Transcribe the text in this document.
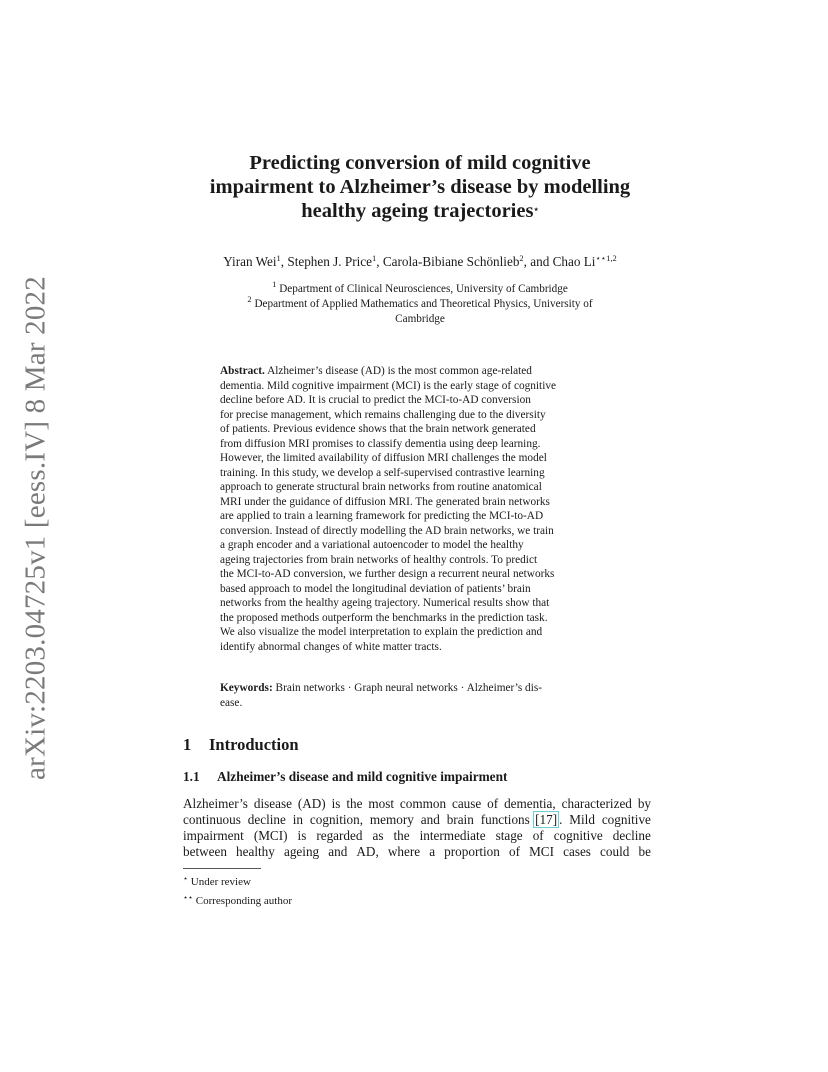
arXiv:2203.04725v1 [eess.IV] 8 Mar 2022
Predicting conversion of mild cognitive
impairment to Alzheimer’s disease by modelling
healthy ageing trajectories⋆
Yiran Wei$^1$, Stephen J. Price$^1$, Carola-Bibiane Schönlieb$^2$, and Chao $Li^{⋆⋆1,2}$
$^1$ Department of Clinical Neurosciences, University of Cambridge
$^2$ Department of Applied Mathematics and Theoretical Physics, University of
Cambridge
Abstract. Alzheimer’s disease (AD) is the most common age-related
dementia. Mild cognitive impairment (MCI) is the early stage of cognitive
decline before AD. It is crucial to predict the MCI-to-AD conversion
for precise management, which remains challenging due to the diversity
of patients. Previous evidence shows that the brain network generated
from diffusion MRI promises to classify dementia using deep learning.
However, the limited availability of diffusion MRI challenges the model
training. In this study, we develop a self-supervised contrastive learning
approach to generate structural brain networks from routine anatomical
MRI under the guidance of diffusion MRI. The generated brain networks
are applied to train a learning framework for predicting the MCI-to-AD
conversion. Instead of directly modelling the AD brain networks, we train
a graph encoder and a variational autoencoder to model the healthy
ageing trajectories from brain networks of healthy controls. To predict
the MCI-to-AD conversion, we further design a recurrent neural networks
based approach to model the longitudinal deviation of patients’ brain
networks from the healthy ageing trajectory. Numerical results show that
the proposed methods outperform the benchmarks in the prediction task.
We also visualize the model interpretation to explain the prediction and
identify abnormal changes of white matter tracts.
Keywords: Brain networks · Graph neural networks · Alzheimer’s dis-
ease.
1 Introduction
1.1 Alzheimer’s disease and mild cognitive impairment
Alzheimer’s disease (AD) is the most common cause of dementia, characterized by
continuous decline in cognition, memory and brain functions [17] . Mild cognitive
impairment (MCI) is regarded as the intermediate stage of cognitive decline
between healthy ageing and AD, where a proportion of MCI cases could be
⋆ Under review
⋆⋆ Corresponding author
